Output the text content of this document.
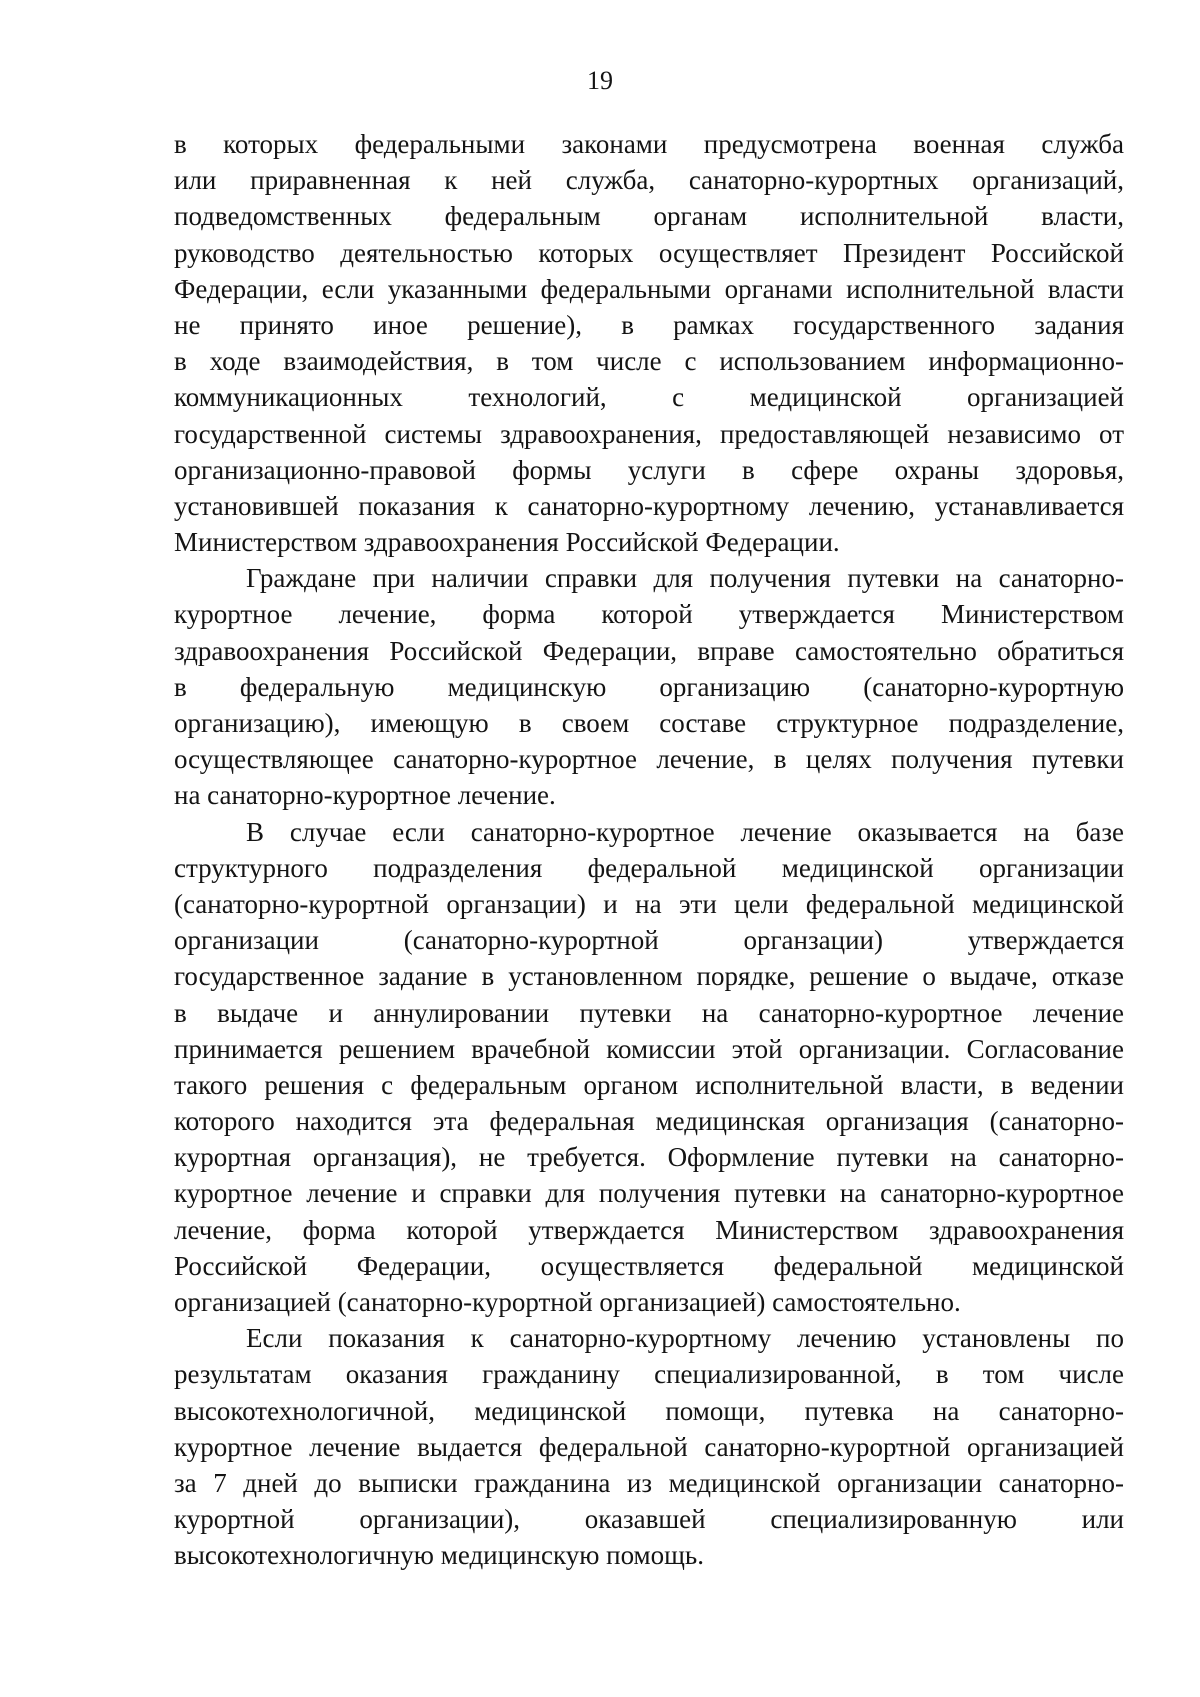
19
в которых федеральными законами предусмотрена военная служба
или приравненная к ней служба, санаторно-курортных организаций,
подведомственных федеральным органам исполнительной власти,
руководство деятельностью которых осуществляет Президент Российской
Федерации, если указанными федеральными органами исполнительной власти
не принято иное решение), в рамках государственного задания
в ходе взаимодействия, в том числе с использованием информационно-
коммуникационных технологий, с медицинской организацией
государственной системы здравоохранения, предоставляющей независимо от
организационно-правовой формы услуги в сфере охраны здоровья,
установившей показания к санаторно-курортному лечению, устанавливается
Министерством здравоохранения Российской Федерации.
Граждане при наличии справки для получения путевки на санаторно-
курортное лечение, форма которой утверждается Министерством
здравоохранения Российской Федерации, вправе самостоятельно обратиться
в федеральную медицинскую организацию (санаторно-курортную
организацию), имеющую в своем составе структурное подразделение,
осуществляющее санаторно-курортное лечение, в целях получения путевки
на санаторно-курортное лечение.
В случае если санаторно-курортное лечение оказывается на базе
структурного подразделения федеральной медицинской организации
(санаторно-курортной органзации) и на эти цели федеральной медицинской
организации (санаторно-курортной органзации) утверждается
государственное задание в установленном порядке, решение о выдаче, отказе
в выдаче и аннулировании путевки на санаторно-курортное лечение
принимается решением врачебной комиссии этой организации. Согласование
такого решения с федеральным органом исполнительной власти, в ведении
которого находится эта федеральная медицинская организация (санаторно-
курортная органзация), не требуется. Оформление путевки на санаторно-
курортное лечение и справки для получения путевки на санаторно-курортное
лечение, форма которой утверждается Министерством здравоохранения
Российской Федерации, осуществляется федеральной медицинской
организацией (санаторно-курортной организацией) самостоятельно.
Если показания к санаторно-курортному лечению установлены по
результатам оказания гражданину специализированной, в том числе
высокотехнологичной, медицинской помощи, путевка на санаторно-
курортное лечение выдается федеральной санаторно-курортной организацией
за 7 дней до выписки гражданина из медицинской организации санаторно-
курортной организации), оказавшей специализированную или
высокотехнологичную медицинскую помощь.
